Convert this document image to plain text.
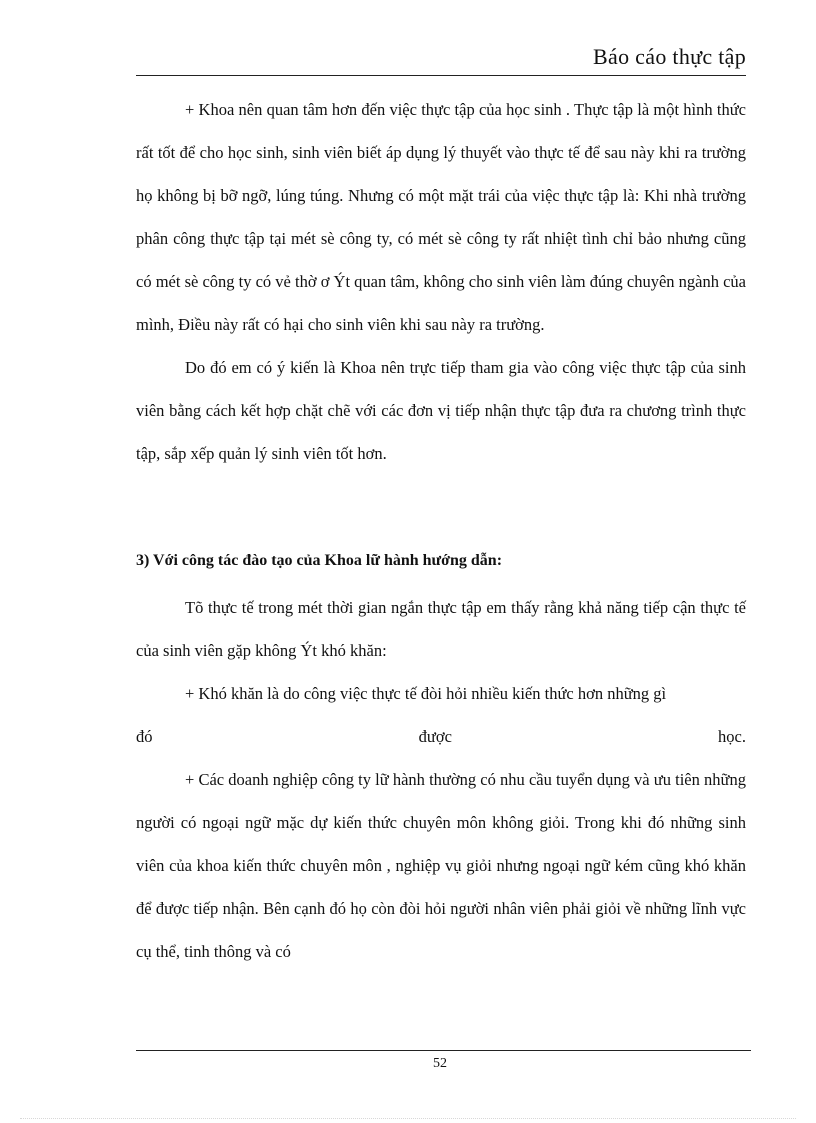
Báo cáo thực tập

+ Khoa nên quan tâm hơn đến việc thực tập của học sinh . Thực tập là một hình thức rất tốt để cho học sinh, sinh viên biết áp dụng lý thuyết vào thực tế để sau này khi ra trường họ không bị bỡ ngỡ, lúng túng. Nhưng có một mặt trái của việc thực tập là: Khi nhà trường phân công thực tập tại mét sè công ty, có mét sè công ty rất nhiệt tình chỉ bảo nhưng cũng có mét sè công ty có vẻ thờ ơ Ýt quan tâm, không cho sinh viên làm đúng chuyên ngành của mình, Điều này rất có hại cho sinh viên khi sau này ra trường.

Do đó em có ý kiến là Khoa nên trực tiếp tham gia vào công việc thực tập của sinh viên bằng cách kết hợp chặt chẽ với các đơn vị tiếp nhận thực tập đưa ra chương trình thực tập, sắp xếp quản lý sinh viên tốt hơn.

3) Với công tác đào tạo của Khoa lữ hành hướng dẫn:

Tõ thực tế trong mét thời gian ngắn thực tập em thấy rằng khả năng tiếp cận thực tế của sinh viên gặp không Ýt khó khăn:

+ Khó khăn là do công việc thực tế đòi hỏi nhiều kiến thức hơn những gì

đó được học.

+ Các doanh nghiệp công ty lữ hành thường có nhu cầu tuyển dụng và ưu tiên những người có ngoại ngữ mặc dự kiến thức chuyên môn không giỏi. Trong khi đó những sinh viên của khoa kiến thức chuyên môn , nghiệp vụ giỏi nhưng ngoại ngữ kém cũng khó khăn để được tiếp nhận. Bên cạnh đó họ còn đòi hỏi người nhân viên phải giỏi về những lĩnh vực cụ thể, tinh thông và có

52
